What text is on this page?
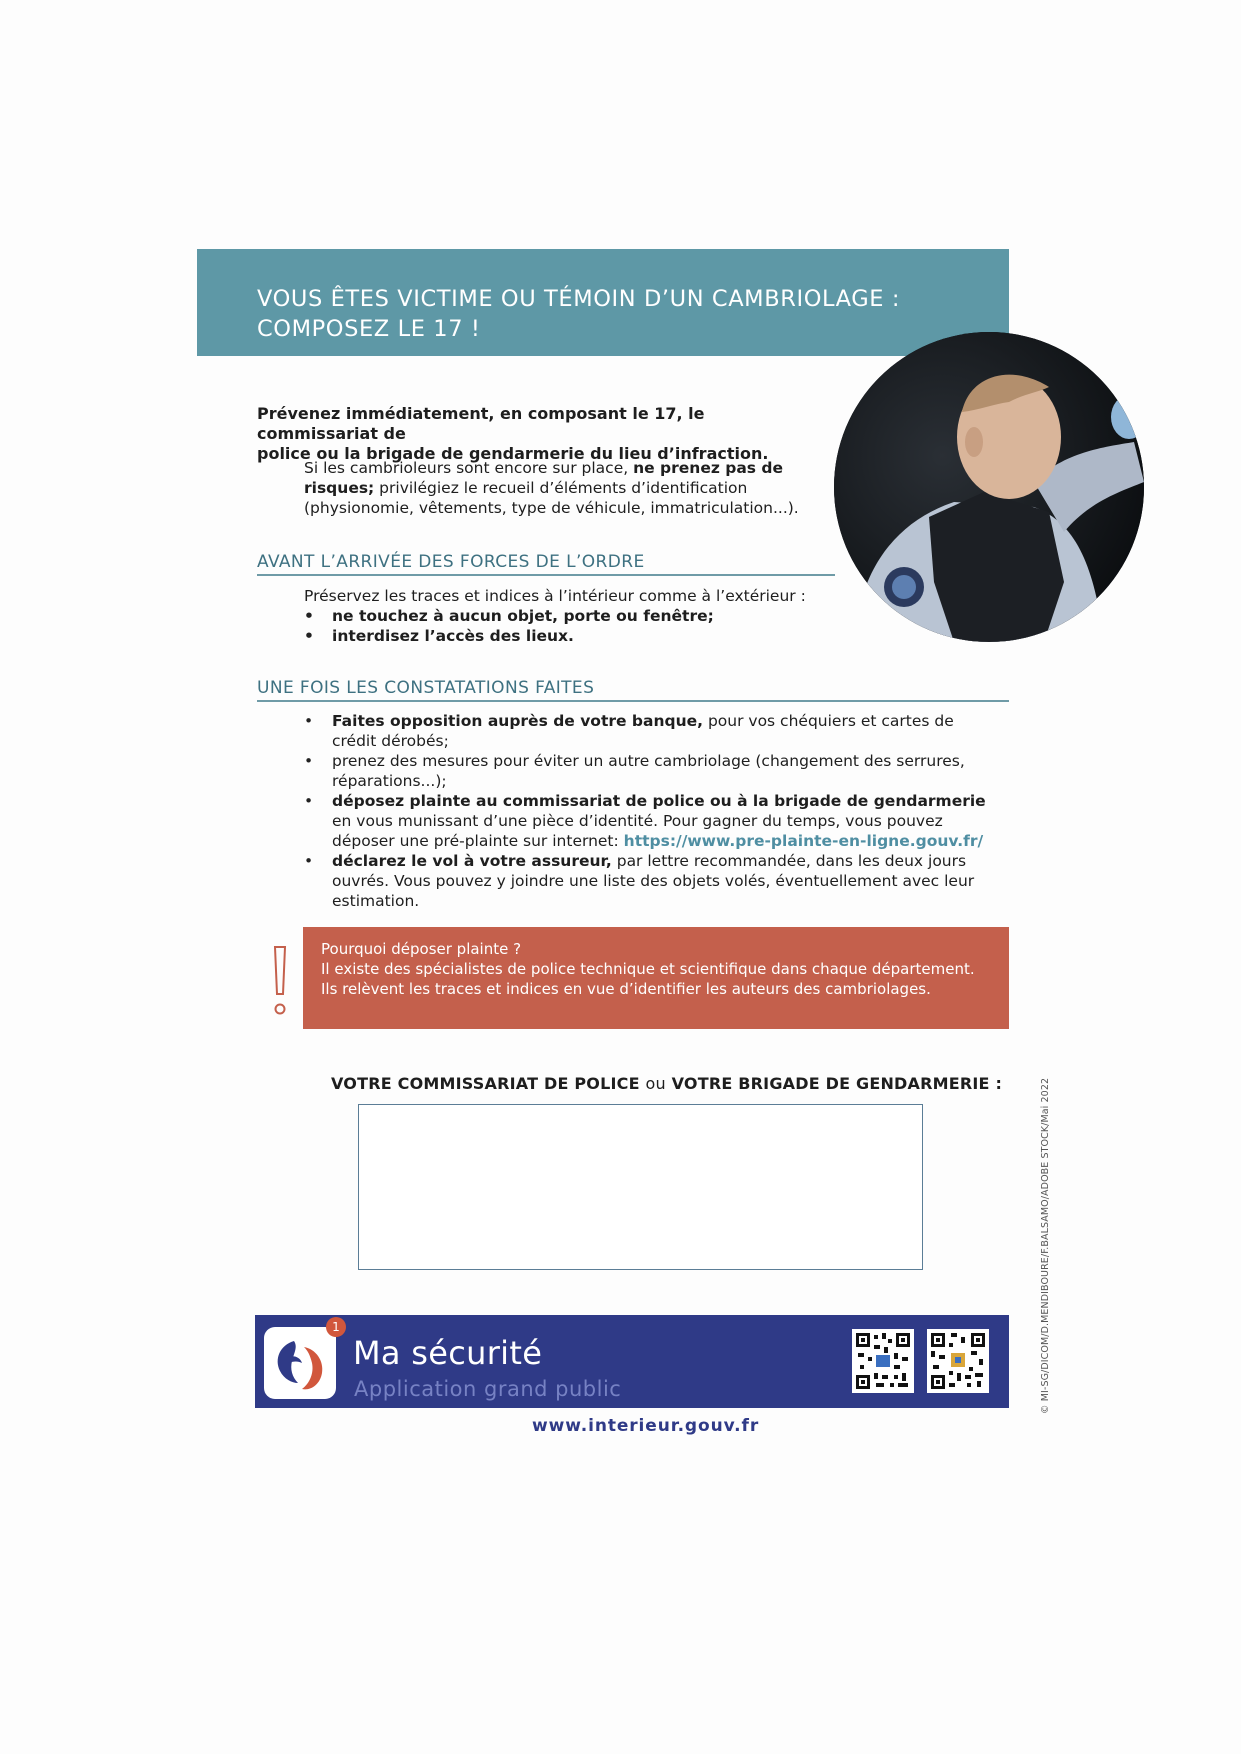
VOUS ÊTES VICTIME OU TÉMOIN D’UN CAMBRIOLAGE :
COMPOSEZ LE 17 !
Prévenez immédiatement, en composant le 17, le commissariat de
police ou la brigade de gendarmerie du lieu d’infraction.
Si les cambrioleurs sont encore sur place, ne prenez pas de risques; privilégiez le recueil d’éléments d’identification (physionomie, vêtements, type de véhicule, immatriculation...).
AVANT L’ARRIVÉE DES FORCES DE L’ORDRE
Préservez les traces et indices à l’intérieur comme à l’extérieur :
• ne touchez à aucun objet, porte ou fenêtre;
• interdisez l’accès des lieux.
UNE FOIS LES CONSTATATIONS FAITES
• Faites opposition auprès de votre banque, pour vos chéquiers et cartes de crédit dérobés;
• prenez des mesures pour éviter un autre cambriolage (changement des serrures, réparations...);
• déposez plainte au commissariat de police ou à la brigade de gendarmerie en vous munissant d’une pièce d’identité. Pour gagner du temps, vous pouvez déposer une pré-plainte sur internet: https://www.pre-plainte-en-ligne.gouv.fr/
• déclarez le vol à votre assureur, par lettre recommandée, dans les deux jours ouvrés. Vous pouvez y joindre une liste des objets volés, éventuellement avec leur estimation.
Pourquoi déposer plainte ?
Il existe des spécialistes de police technique et scientifique dans chaque département. Ils relèvent les traces et indices en vue d’identifier les auteurs des cambriolages.
VOTRE COMMISSARIAT DE POLICE ou VOTRE BRIGADE DE GENDARMERIE :	© MI-SG/DICOM/D.MENDIBOURE/F.BALSAMO/ADOBE STOCK/Mai 2022
1
Ma sécurité
Application grand public
www.interieur.gouv.fr
